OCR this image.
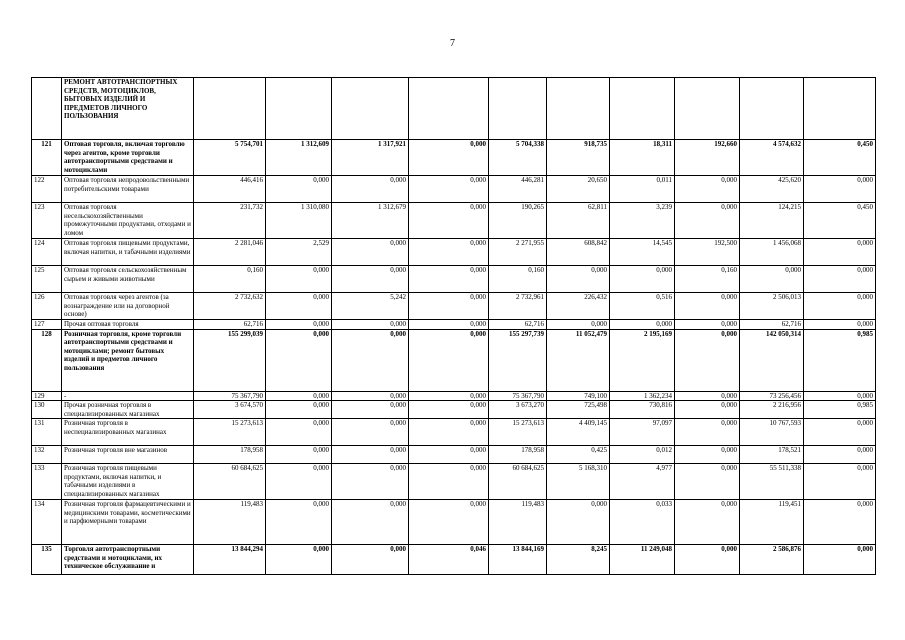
7
	РЕМОНТ АВТОТРАНСПОРТНЫХ СРЕДСТВ, МОТОЦИКЛОВ, БЫТОВЫХ ИЗДЕЛИЙ И ПРЕДМЕТОВ ЛИЧНОГО ПОЛЬЗОВАНИЯ										
121	Оптовая торговля, включая торговлю через агентов, кроме торговли автотранспортными средствами и мотоциклами	5 754,701	1 312,609	1 317,921	0,000	5 704,338	918,735	18,311	192,660	4 574,632	0,450
122	Оптовая торговля непродовольственными потребительскими товарами	446,416	0,000	0,000	0,000	446,281	20,650	0,011	0,000	425,620	0,000
123	Оптовая торговля несельскохозяйственными промежуточными продуктами, отходами и ломом	231,732	1 310,080	1 312,679	0,000	190,265	62,811	3,239	0,000	124,215	0,450
124	Оптовая торговля пищевыми продуктами, включая напитки, и табачными изделиями	2 281,046	2,529	0,000	0,000	2 271,955	608,842	14,545	192,500	1 456,068	0,000
125	Оптовая торговля сельскохозяйственным сырьем и живыми животными	0,160	0,000	0,000	0,000	0,160	0,000	0,000	0,160	0,000	0,000
126	Оптовая торговля через агентов (за вознаграждение или на договорной основе)	2 732,632	0,000	5,242	0,000	2 732,961	226,432	0,516	0,000	2 506,013	0,000
127	Прочая оптовая торговля	62,716	0,000	0,000	0,000	62,716	0,000	0,000	0,000	62,716	0,000
128	Розничная торговля, кроме торговли автотранспортными средствами и мотоциклами; ремонт бытовых изделий и предметов личного пользования	155 299,039	0,000	0,000	0,000	155 297,739	11 052,479	2 195,169	0,000	142 050,314	0,985
129	-	75 367,790	0,000	0,000	0,000	75 367,790	749,100	1 362,234	0,000	73 256,456	0,000
130	Прочая розничная торговля в специализированных магазинах	3 674,570	0,000	0,000	0,000	3 673,270	725,498	730,816	0,000	2 216,956	0,985
131	Розничная торговля в неспециализированных магазинах	15 273,613	0,000	0,000	0,000	15 273,613	4 409,145	97,097	0,000	10 767,593	0,000
132	Розничная торговля вне магазинов	178,958	0,000	0,000	0,000	178,958	0,425	0,012	0,000	178,521	0,000
133	Розничная торговля пищевыми продуктами, включая напитки, и табачными изделиями в специализированных магазинах	60 684,625	0,000	0,000	0,000	60 684,625	5 168,310	4,977	0,000	55 511,338	0,000
134	Розничная торговля фармацевтическими и медицинскими товарами, косметическими и парфюмерными товарами	119,483	0,000	0,000	0,000	119,483	0,000	0,033	0,000	119,451	0,000
135	Торговля автотранспортными средствами и мотоциклами, их техническое обслуживание и	13 844,294	0,000	0,000	0,046	13 844,169	8,245	11 249,048	0,000	2 586,876	0,000
